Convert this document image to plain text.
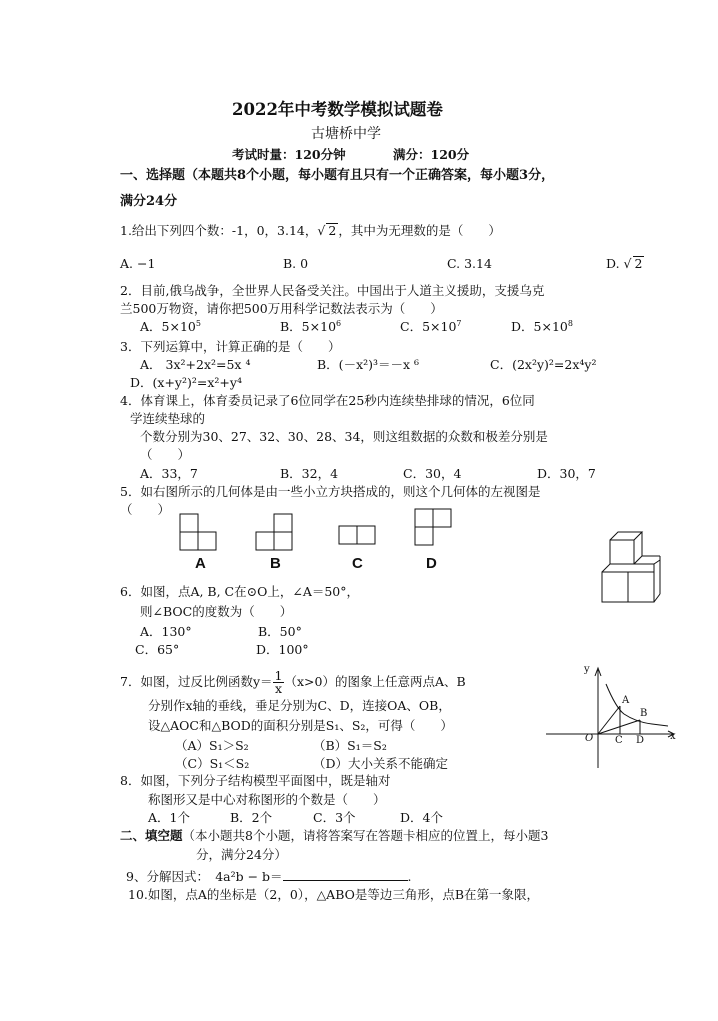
2022年中考数学模拟试题卷
古塘桥中学
考试时量：120分钟	满分：120分
一、选择题（本题共8个小题，每小题有且只有一个正确答案，每小题3分，
满分24分
1.给出下列四个数：-1，0，3.14，√ 2 ，其中为无理数的是（　　）
A. −1	B. 0	C. 3.14	D. √ 2
2．目前,俄乌战争，全世界人民备受关注。中国出于人道主义援助，支援乌克
兰500万物资，请你把500万用科学记数法表示为（　　）
A．$5\times 10^5$	B．$5\times 10^6$	C．$5\times 10^7$	D．$5\times 10^8$
3．下列运算中，计算正确的是（　　）
A． 3x²+2x²=5x ⁴	B．(－x²)³＝－x ⁶	C．(2x²y)²=2x⁴y²
D．(x+y²)²=x²+y⁴
4．体育课上，体育委员记录了6位同学在25秒内连续垫排球的情况，6位同
学连续垫球的
个数分别为30、27、32、30、28、34，则这组数据的众数和极差分别是
（　　）
A．33，7	B．32，4	C．30，4	D．30，7
5．如右图所示的几何体是由一些小立方块搭成的，则这个几何体的左视图是
（　　）
A	B	C	D
6．如图，点A, B, C在⊙O上，∠A＝50°，
则∠BOC的度数为（　　）
A．130°	B．50°
C．65°	D．100°
7．如图，过反比例函数$y= \frac{1}{x} (x>0)$的图象上任意两点A、B
分别作x轴的垂线，垂足分别为C、D，连接OA、OB，
设△AOC和△BOD的面积分别是S₁、S₂，可得（　　）
（A）S₁＞S₂	（B）S₁＝S₂
（C）S₁＜S₂	（D）大小关系不能确定
y
x
O
A
B
C D
8．如图，下列分子结构模型平面图中，既是轴对
称图形又是中心对称图形的个数是（　　）
A．1个	B．2个	C．3个	D．4个
二、填空题（本小题共8个小题，请将答案写在答题卡相应的位置上，每小题3
分，满分24分）
9、分解因式：　4a²b − b＝	.
10.如图，点A的坐标是（2，0），△ABO是等边三角形，点B在第一象限，
